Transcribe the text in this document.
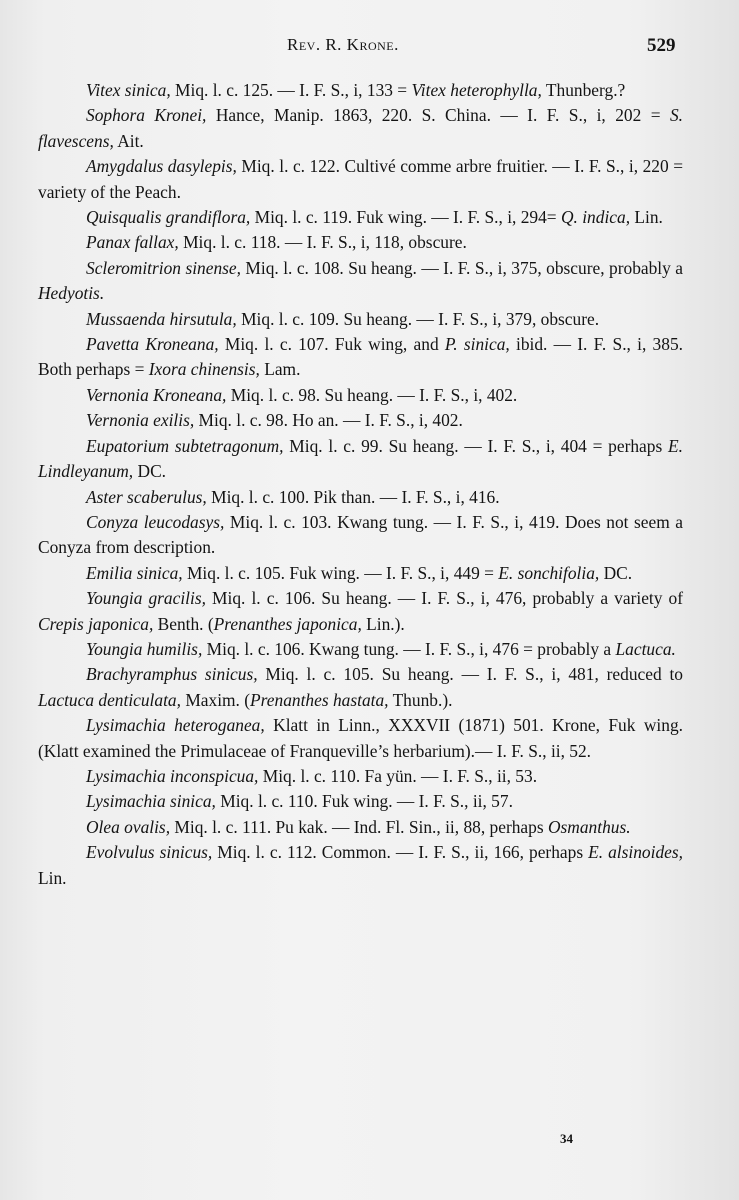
Rev. R. Krone.	529

Vitex sinica, Miq. l. c. 125. — I. F. S., i, 133 = Vitex heterophylla, Thunberg.?

Sophora Kronei, Hance, Manip. 1863, 220. S. China. — I. F. S., i, 202 = S. flavescens, Ait.

Amygdalus dasylepis, Miq. l. c. 122. Cultivé comme arbre fruitier. — I. F. S., i, 220 = variety of the Peach.

Quisqualis grandiflora, Miq. l. c. 119. Fuk wing. — I. F. S., i, 294= Q. indica, Lin.

Panax fallax, Miq. l. c. 118. — I. F. S., i, 118, obscure.

Scleromitrion sinense, Miq. l. c. 108. Su heang. — I. F. S., i, 375, obscure, probably a Hedyotis.

Mussaenda hirsutula, Miq. l. c. 109. Su heang. — I. F. S., i, 379, obscure.

Pavetta Kroneana, Miq. l. c. 107. Fuk wing, and P. sinica, ibid. — I. F. S., i, 385. Both perhaps = Ixora chinensis, Lam.

Vernonia Kroneana, Miq. l. c. 98. Su heang. — I. F. S., i, 402.

Vernonia exilis, Miq. l. c. 98. Ho an. — I. F. S., i, 402.

Eupatorium subtetragonum, Miq. l. c. 99. Su heang. — I. F. S., i, 404 = perhaps E. Lindleyanum, DC.

Aster scaberulus, Miq. l. c. 100. Pik than. — I. F. S., i, 416.

Conyza leucodasys, Miq. l. c. 103. Kwang tung. — I. F. S., i, 419. Does not seem a Conyza from description.

Emilia sinica, Miq. l. c. 105. Fuk wing. — I. F. S., i, 449 = E. sonchifolia, DC.

Youngia gracilis, Miq. l. c. 106. Su heang. — I. F. S., i, 476, probably a variety of Crepis japonica, Benth. (Prenanthes japonica, Lin.).

Youngia humilis, Miq. l. c. 106. Kwang tung. — I. F. S., i, 476 = probably a Lactuca.

Brachyramphus sinicus, Miq. l. c. 105. Su heang. — I. F. S., i, 481, reduced to Lactuca denticulata, Maxim. (Prenanthes hastata, Thunb.).

Lysimachia heteroganea, Klatt in Linn., XXXVII (1871) 501. Krone, Fuk wing. (Klatt examined the Primulaceae of Franqueville’s herbarium).— I. F. S., ii, 52.

Lysimachia inconspicua, Miq. l. c. 110. Fa yün. — I. F. S., ii, 53.

Lysimachia sinica, Miq. l. c. 110. Fuk wing. — I. F. S., ii, 57.

Olea ovalis, Miq. l. c. 111. Pu kak. — Ind. Fl. Sin., ii, 88, perhaps Osmanthus.

Evolvulus sinicus, Miq. l. c. 112. Common. — I. F. S., ii, 166, perhaps E. alsinoides, Lin.

34
